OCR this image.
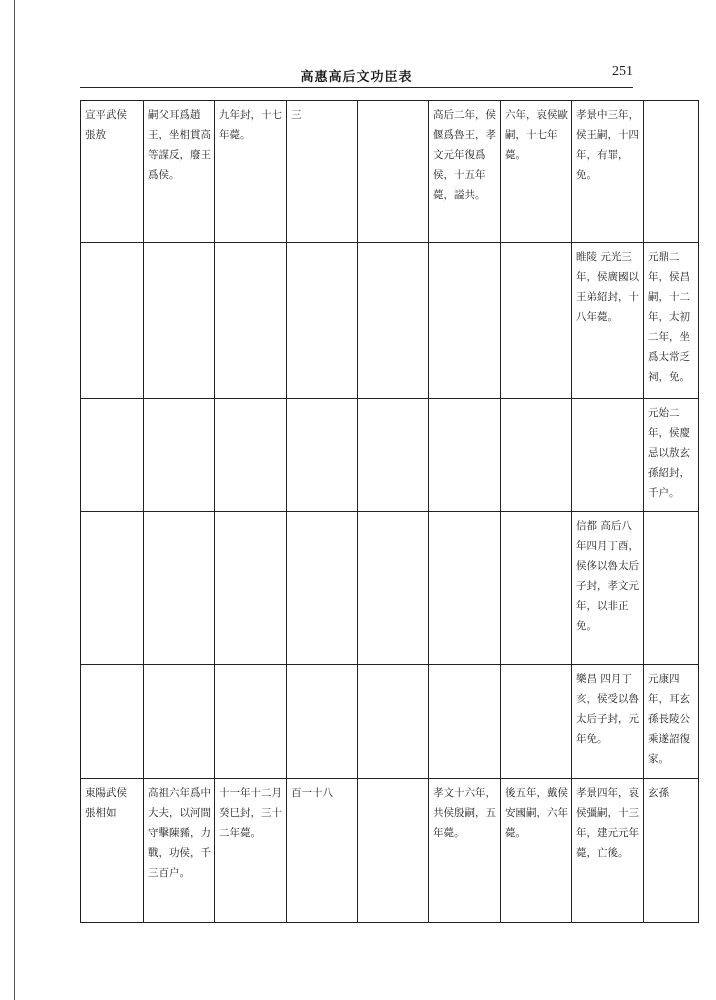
高惠高后文功臣表	251
宣平武侯 張敖	嗣父耳爲趙王，坐相貫高等謀反，廢王爲侯。	九年封，十七年薨。	三		高后二年，侯偃爲魯王，孝文元年復爲侯，十五年薨，謚共。	六年，哀侯歐嗣，十七年薨。	孝景中三年，侯王嗣，十四年，有罪，免。	
							睢陵 元光三年，侯廣國以王弟紹封，十八年薨。	元鼎二年，侯昌嗣，十二年，太初二年，坐爲太常乏祠，免。
								元始二年，侯慶忌以敖玄孫紹封，千户。
							信都 高后八年四月丁酉，侯侈以魯太后子封，孝文元年，以非正免。	
							樂昌 四月丁亥，侯受以魯太后子封，元年免。	元康四年，耳玄孫長陵公乘遂詔復家。
東陽武侯 張相如	高祖六年爲中大夫，以河間守擊陳豨，力戰，功侯，千三百户。	十一年十二月癸巳封，三十二年薨。	百一十八		孝文十六年，共侯殷嗣，五年薨。	後五年，戴侯安國嗣，六年薨。	孝景四年，哀侯彊嗣，十三年，建元元年薨，亡後。	玄孫
